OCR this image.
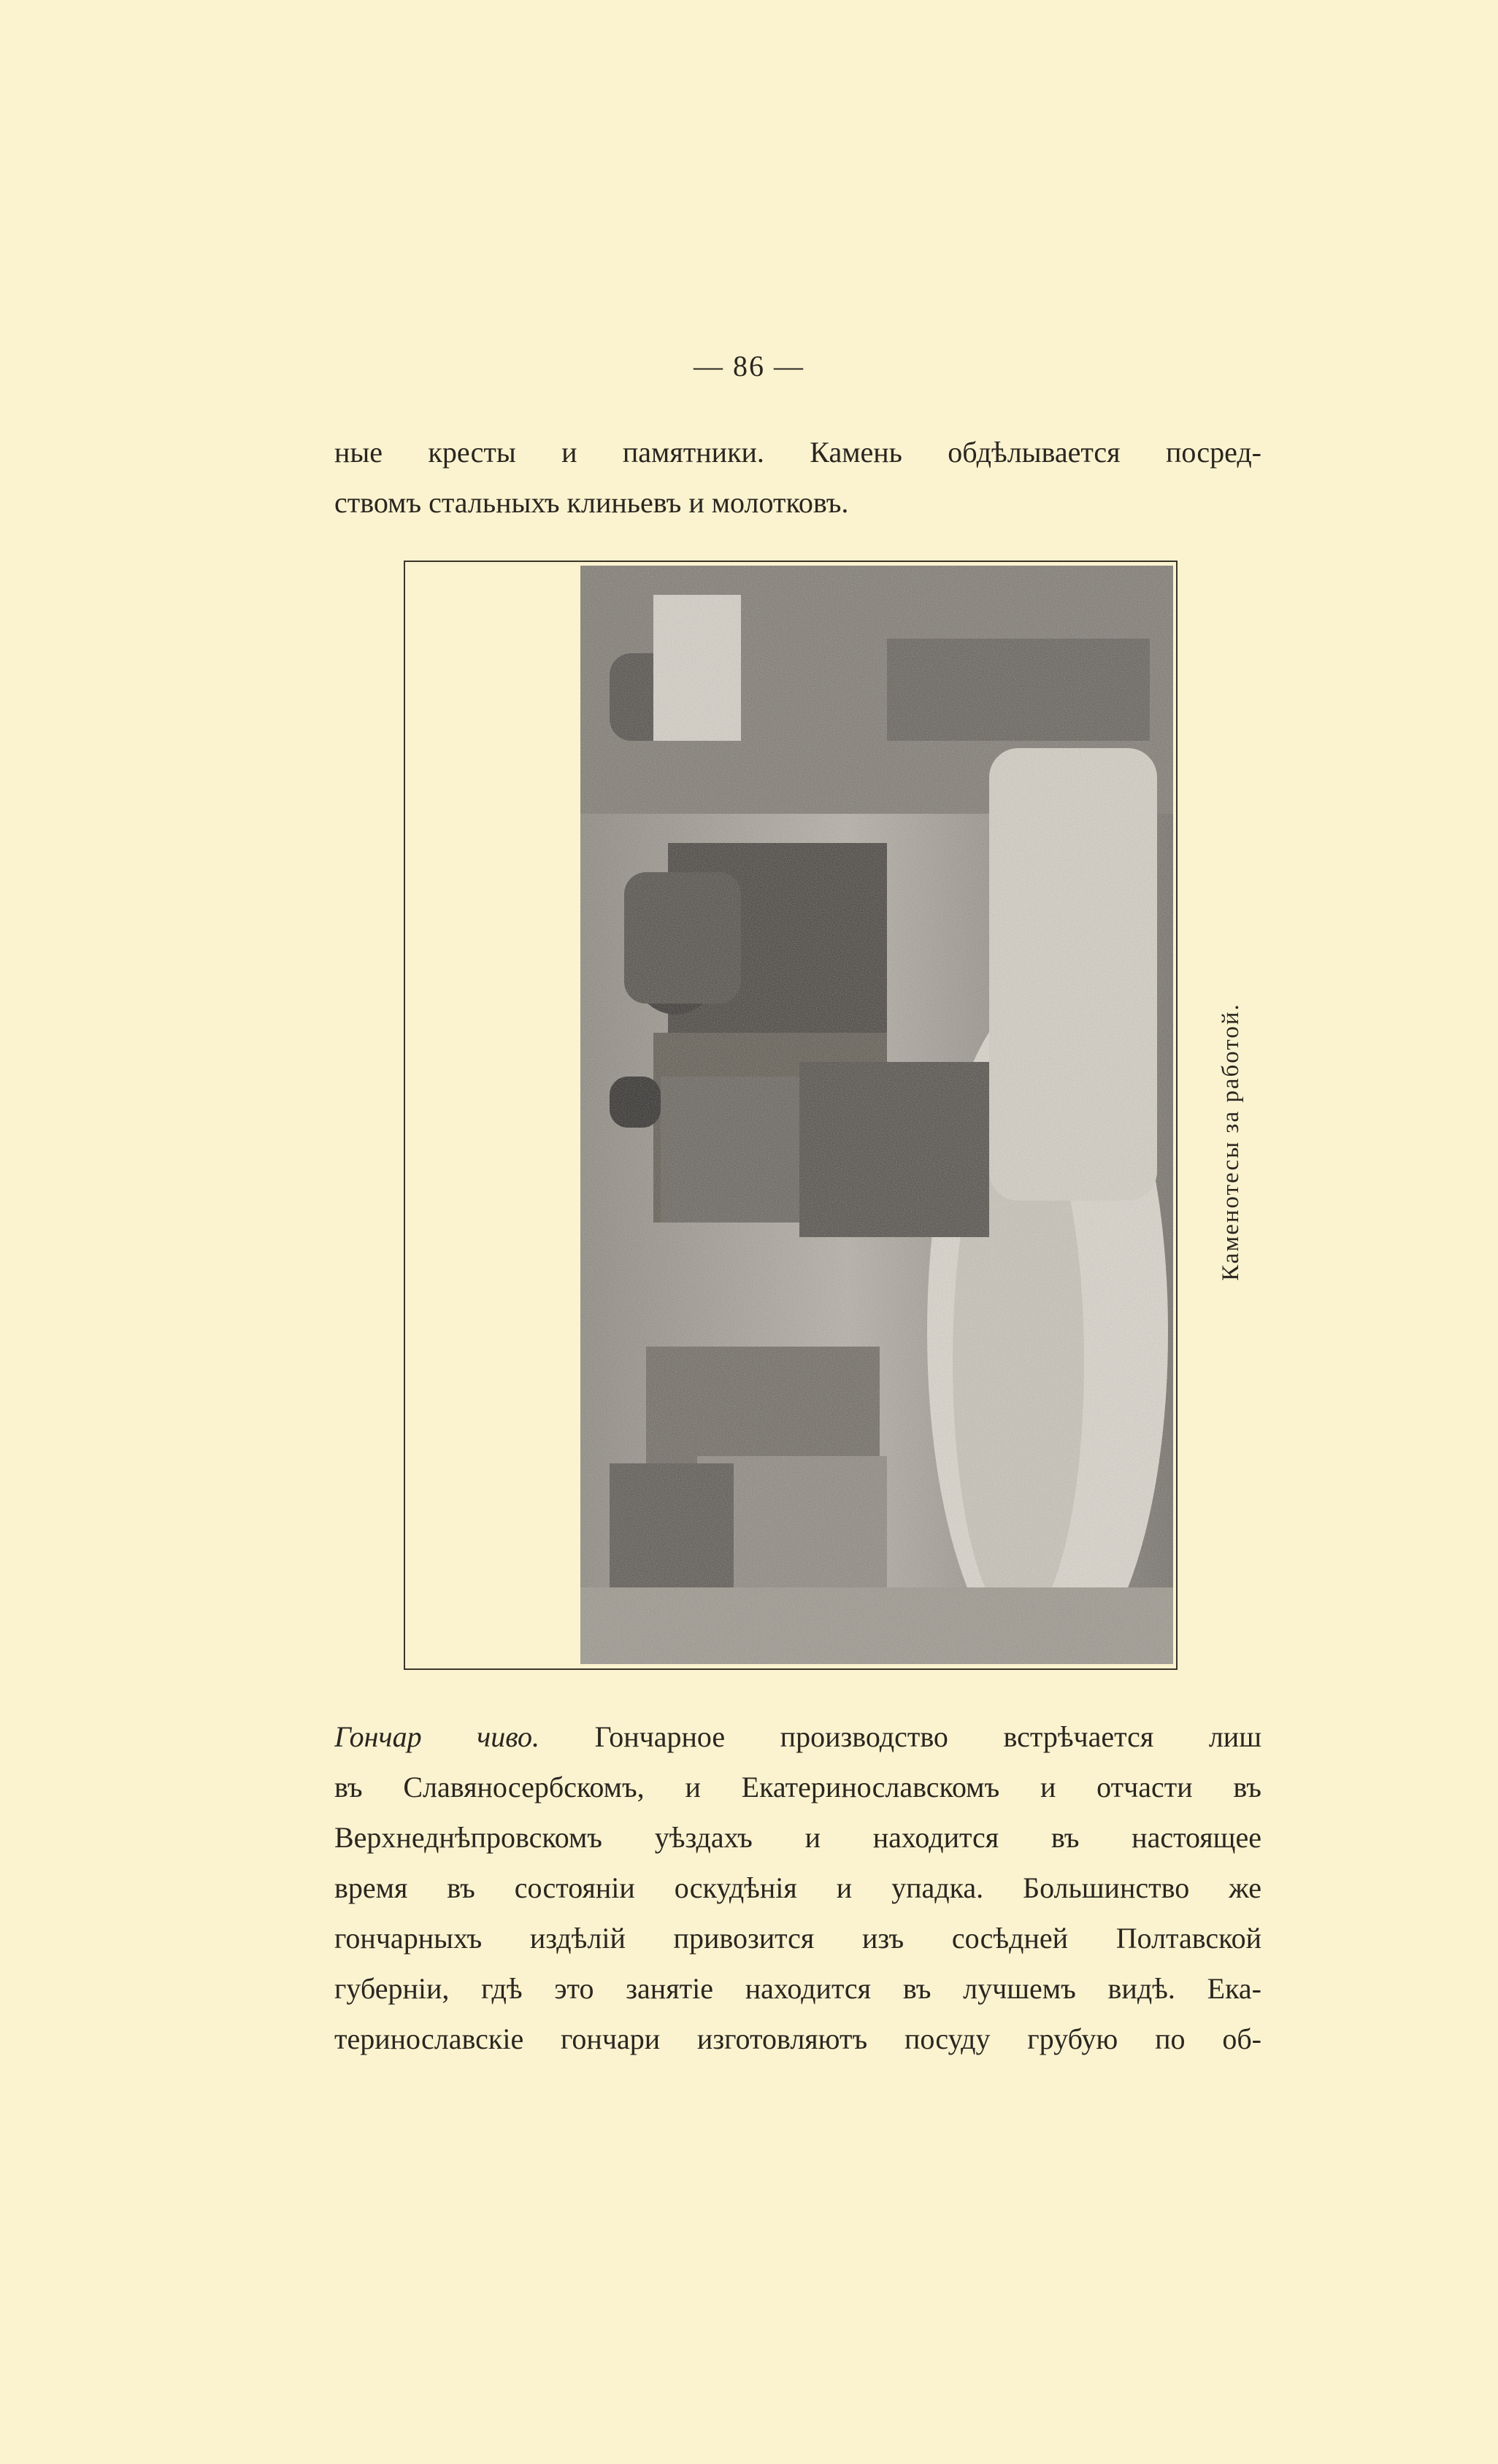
— 86 —
ные кресты и памятники. Камень обдѣлывается посред-
ствомъ стальныхъ клиньевъ и молотковъ.
Каменотесы за работой.
Гончар чиво. Гончарное производство встрѣчается лиш
въ Славяносербскомъ, и Екатеринославскомъ и отчасти въ
Верхнеднѣпровскомъ уѣздахъ и находится въ настоящее
время въ состояніи оскудѣнія и упадка. Большинство же
гончарныхъ издѣлій привозится изъ сосѣдней Полтавской
губерніи, гдѣ это занятіе находится въ лучшемъ видѣ. Ека-
теринославскіе гончари изготовляютъ посуду грубую по об-
